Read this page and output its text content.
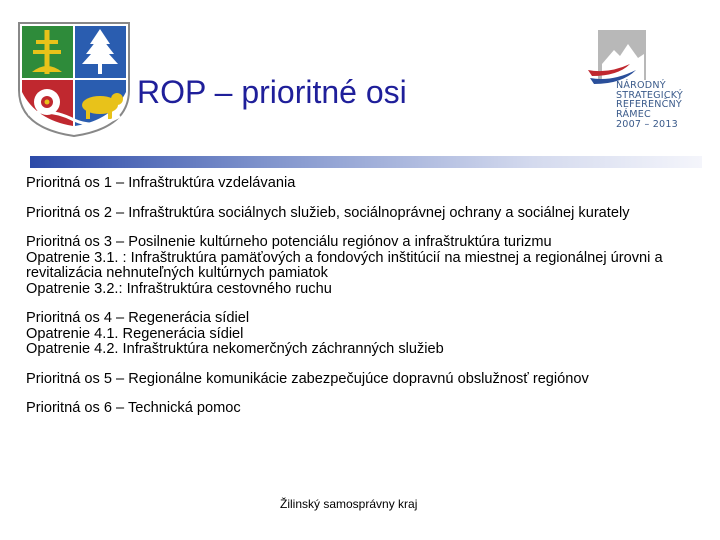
ROP – prioritné osi	NÁRODNÝ
STRATEGICKÝ
REFERENČNÝ
RÁMEC
2007 – 2013
Prioritná os 1 – Infraštruktúra vzdelávania
Prioritná os 2 – Infraštruktúra sociálnych služieb, sociálnoprávnej ochrany a sociálnej kurately
Prioritná os 3 – Posilnenie kultúrneho potenciálu regiónov a infraštruktúra turizmu
Opatrenie 3.1. : Infraštruktúra pamäťových a fondových inštitúcií na miestnej a regionálnej úrovni a revitalizácia nehnuteľných kultúrnych pamiatok
Opatrenie 3.2.: Infraštruktúra cestovného ruchu
Prioritná os 4 – Regenerácia sídiel
Opatrenie 4.1. Regenerácia sídiel
Opatrenie 4.2. Infraštruktúra nekomerčných záchranných služieb
Prioritná os 5 – Regionálne komunikácie zabezpečujúce dopravnú obslužnosť regiónov
Prioritná os 6 – Technická pomoc
Žilinský samosprávny kraj
